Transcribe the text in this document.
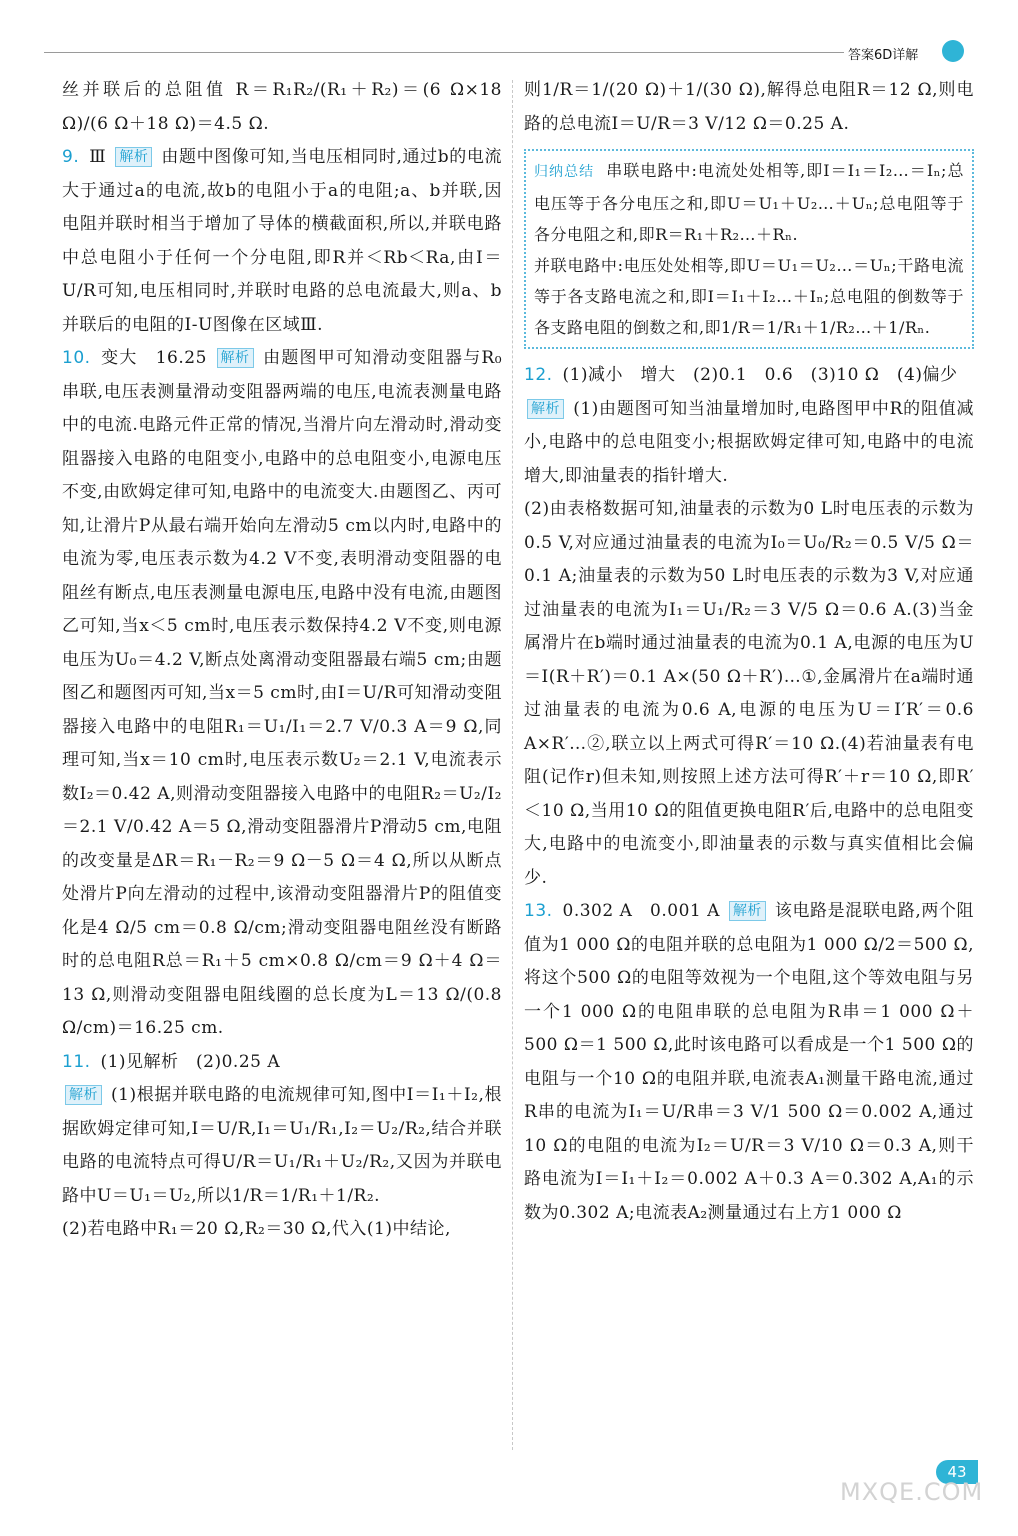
答案6D详解

丝并联后的总阻值 R＝R₁R₂/(R₁＋R₂)＝(6 Ω×18 Ω)/(6 Ω＋18 Ω)＝4.5 Ω.

9. Ⅲ 解析 由题中图像可知,当电压相同时,通过b的电流大于通过a的电流,故b的电阻小于a的电阻;a、b并联,因电阻并联时相当于增加了导体的横截面积,所以,并联电路中总电阻小于任何一个分电阻,即R并＜Rb＜Ra,由I＝U/R可知,电压相同时,并联时电路的总电流最大,则a、b并联后的电阻的I-U图像在区域Ⅲ.

10. 变大　16.25 解析 由题图甲可知滑动变阻器与R₀串联,电压表测量滑动变阻器两端的电压,电流表测量电路中的电流.电路元件正常的情况,当滑片向左滑动时,滑动变阻器接入电路的电阻变小,电路中的总电阻变小,电源电压不变,由欧姆定律可知,电路中的电流变大.由题图乙、丙可知,让滑片P从最右端开始向左滑动5 cm以内时,电路中的电流为零,电压表示数为4.2 V不变,表明滑动变阻器的电阻丝有断点,电压表测量电源电压,电路中没有电流,由题图乙可知,当x＜5 cm时,电压表示数保持4.2 V不变,则电源电压为U₀＝4.2 V,断点处离滑动变阻器最右端5 cm;由题图乙和题图丙可知,当x＝5 cm时,由I＝U/R可知滑动变阻器接入电路中的电阻R₁＝U₁/I₁＝2.7 V/0.3 A＝9 Ω,同理可知,当x＝10 cm时,电压表示数U₂＝2.1 V,电流表示数I₂＝0.42 A,则滑动变阻器接入电路中的电阻R₂＝U₂/I₂＝2.1 V/0.42 A＝5 Ω,滑动变阻器滑片P滑动5 cm,电阻的改变量是ΔR＝R₁－R₂＝9 Ω－5 Ω＝4 Ω,所以从断点处滑片P向左滑动的过程中,该滑动变阻器滑片P的阻值变化是4 Ω/5 cm＝0.8 Ω/cm;滑动变阻器电阻丝没有断路时的总电阻R总＝R₁＋5 cm×0.8 Ω/cm＝9 Ω＋4 Ω＝13 Ω,则滑动变阻器电阻线圈的总长度为L＝13 Ω/(0.8 Ω/cm)＝16.25 cm.

11. (1)见解析　(2)0.25 A

解析 (1)根据并联电路的电流规律可知,图中I＝I₁＋I₂,根据欧姆定律可知,I＝U/R,I₁＝U₁/R₁,I₂＝U₂/R₂,结合并联电路的电流特点可得U/R＝U₁/R₁＋U₂/R₂,又因为并联电路中U＝U₁＝U₂,所以1/R＝1/R₁＋1/R₂.

(2)若电路中R₁＝20 Ω,R₂＝30 Ω,代入(1)中结论,

则1/R＝1/(20 Ω)＋1/(30 Ω),解得总电阻R＝12 Ω,则电路的总电流I＝U/R＝3 V/12 Ω＝0.25 A.

归纳总结 串联电路中:电流处处相等,即I＝I₁＝I₂…＝Iₙ;总电压等于各分电压之和,即U＝U₁＋U₂…＋Uₙ;总电阻等于各分电阻之和,即R＝R₁＋R₂…＋Rₙ.

并联电路中:电压处处相等,即U＝U₁＝U₂…＝Uₙ;干路电流等于各支路电流之和,即I＝I₁＋I₂…＋Iₙ;总电阻的倒数等于各支路电阻的倒数之和,即1/R＝1/R₁＋1/R₂…＋1/Rₙ.

12. (1)减小　增大　(2)0.1　0.6　(3)10 Ω　(4)偏少

解析 (1)由题图可知当油量增加时,电路图甲中R的阻值减小,电路中的总电阻变小;根据欧姆定律可知,电路中的电流增大,即油量表的指针增大.

(2)由表格数据可知,油量表的示数为0 L时电压表的示数为0.5 V,对应通过油量表的电流为I₀＝U₀/R₂＝0.5 V/5 Ω＝0.1 A;油量表的示数为50 L时电压表的示数为3 V,对应通过油量表的电流为I₁＝U₁/R₂＝3 V/5 Ω＝0.6 A.(3)当金属滑片在b端时通过油量表的电流为0.1 A,电源的电压为U＝I(R＋R′)＝0.1 A×(50 Ω＋R′)…①,金属滑片在a端时通过油量表的电流为0.6 A,电源的电压为U＝I′R′＝0.6 A×R′…②,联立以上两式可得R′＝10 Ω.(4)若油量表有电阻(记作r)但未知,则按照上述方法可得R′＋r＝10 Ω,即R′＜10 Ω,当用10 Ω的阻值更换电阻R′后,电路中的总电阻变大,电路中的电流变小,即油量表的示数与真实值相比会偏少.

13. 0.302 A　0.001 A 解析 该电路是混联电路,两个阻值为1 000 Ω的电阻并联的总电阻为1 000 Ω/2＝500 Ω,将这个500 Ω的电阻等效视为一个电阻,这个等效电阻与另一个1 000 Ω的电阻串联的总电阻为R串＝1 000 Ω＋500 Ω＝1 500 Ω,此时该电路可以看成是一个1 500 Ω的电阻与一个10 Ω的电阻并联,电流表A₁测量干路电流,通过R串的电流为I₁＝U/R串＝3 V/1 500 Ω＝0.002 A,通过10 Ω的电阻的电流为I₂＝U/R＝3 V/10 Ω＝0.3 A,则干路电流为I＝I₁＋I₂＝0.002 A＋0.3 A＝0.302 A,A₁的示数为0.302 A;电流表A₂测量通过右上方1 000 Ω

43
MXQE.COM
